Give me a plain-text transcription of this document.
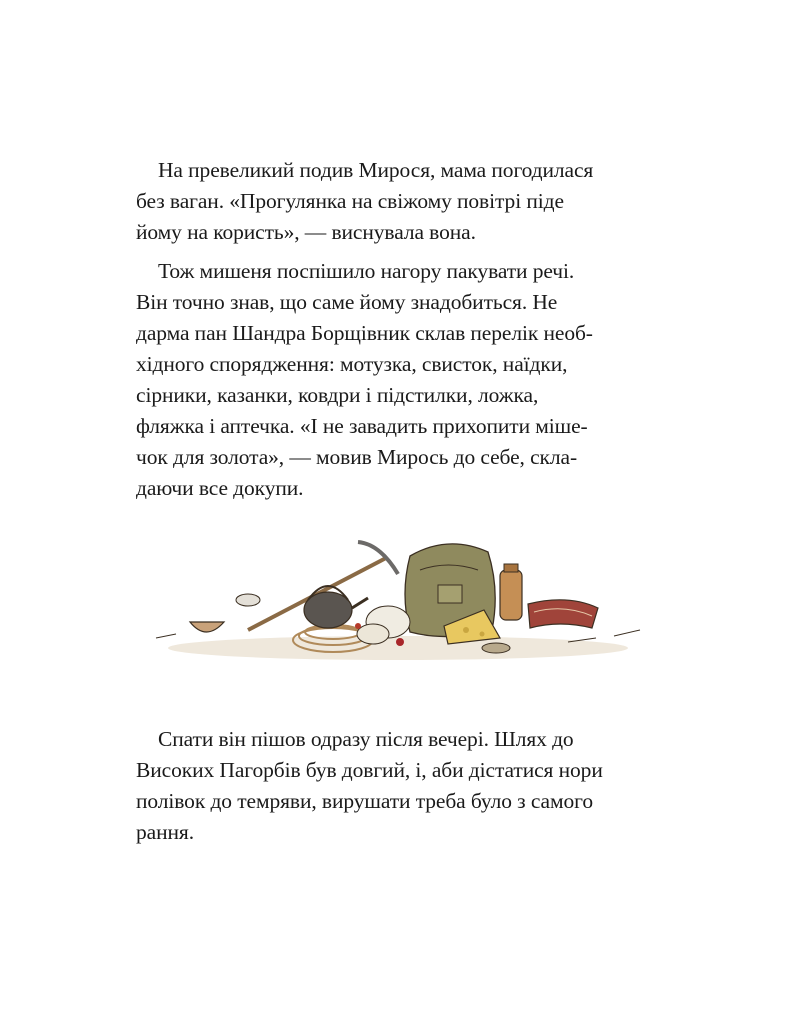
На превеликий подив Мирося, мама погодилася
без ваган. «Прогулянка на свіжому повітрі піде
йому на користь», — виснувала вона.

Тож мишеня поспішило нагору пакувати речі.
Він точно знав, що саме йому знадобиться. Не
дарма пан Шандра Борщівник склав перелік необ-
хідного спорядження: мотузка, свисток, наїдки,
сірники, казанки, ковдри і підстилки, ложка,
фляжка і аптечка. «І не завадить прихопити міше-
чок для золота», — мовив Мирось до себе, скла-
даючи все докупи.

Спати він пішов одразу після вечері. Шлях до
Високих Пагорбів був довгий, і, аби дістатися нори
полівок до темряви, вирушати треба було з самого
рання.
